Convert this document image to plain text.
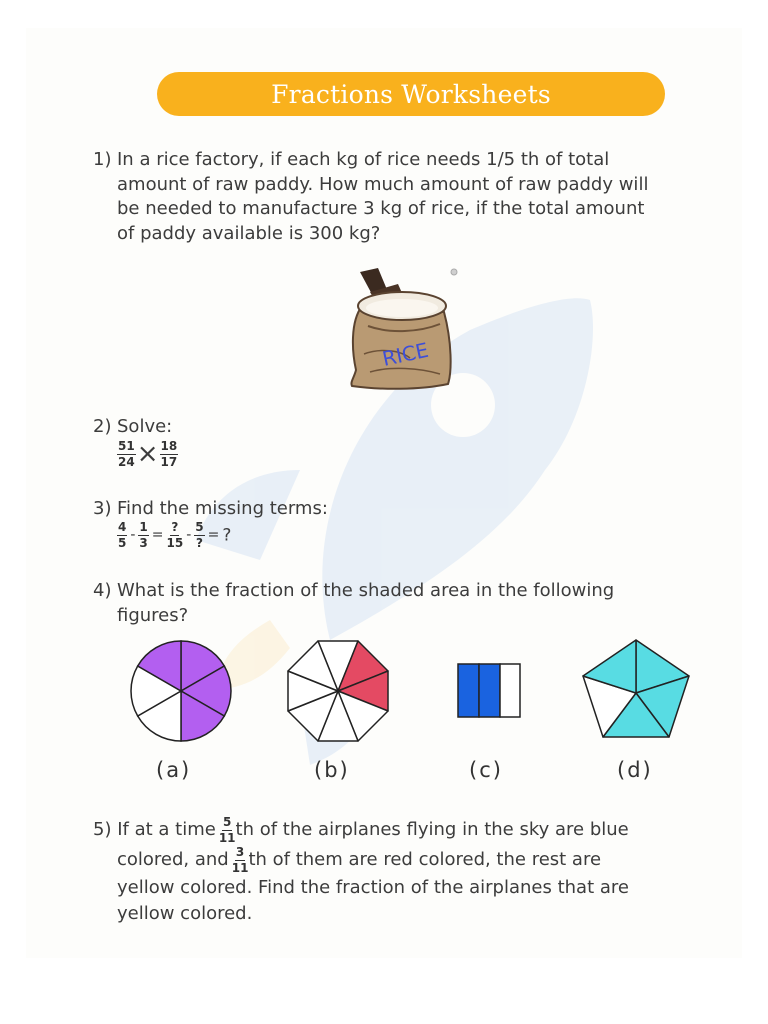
Fractions Worksheets
1) In a rice factory, if each kg of rice needs 1/5 th of total
amount of raw paddy. How much amount of raw paddy will
be needed to manufacture 3 kg of rice, if the total amount
of paddy available is 300 kg?
RICE
2) Solve:
$\frac{51}{24} \times \frac{18}{17}$
3) Find the missing terms:
$\frac{4}{5} - \frac{1}{3} = \frac{?}{15} - \frac{5}{?}$ = ?
4) What is the fraction of the shaded area in the following
figures?
(a)	(b)	(c)	(d)
5) If at a time $\frac{5}{11}$ th of the airplanes flying in the sky are blue
colored, and $\frac{3}{11}$ th of them are red colored, the rest are
yellow colored. Find the fraction of the airplanes that are
yellow colored.
